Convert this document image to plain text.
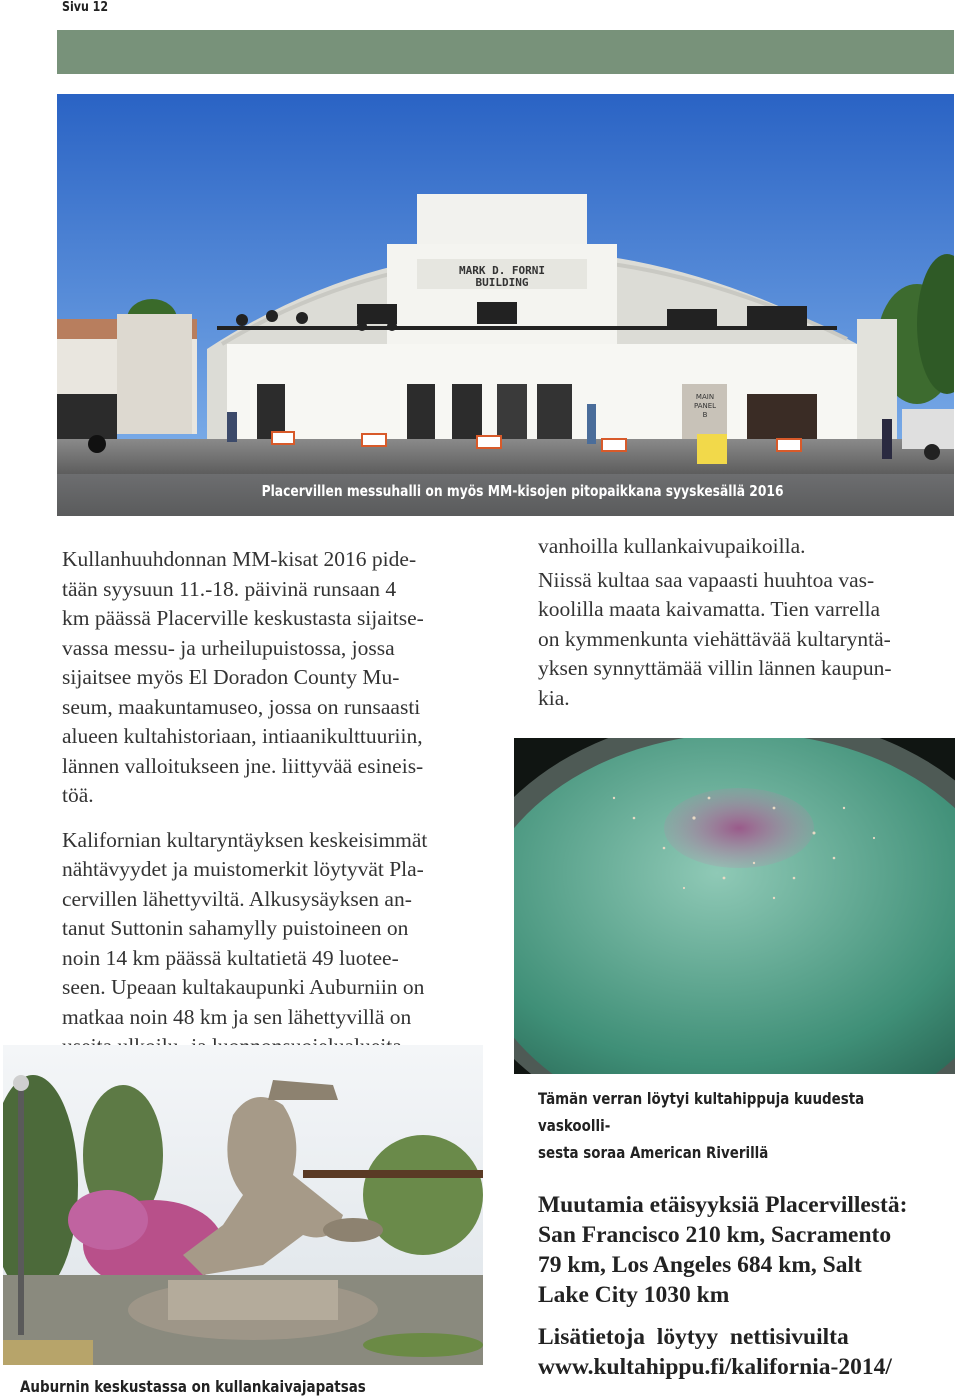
Sivu 12
MARK D. FORNI
BUILDING
MAIN
PANEL
B
Placervillen messuhalli on myös MM-kisojen pitopaikkana syyskesällä 2016

Kullanhuuhdonnan MM-kisat 2016 pide-

tään syysuun 11.-18. päivinä runsaan 4

km päässä Placerville keskustasta sijaitse-

vassa messu- ja urheilupuistossa, jossa

sijaitsee myös El Doradon County Mu-

seum, maakuntamuseo, jossa on runsaasti

alueen kultahistoriaan, intiaanikulttuuriin,

lännen valloitukseen jne. liittyvää esineis-

töä.

Kalifornian kultaryntäyksen keskeisimmät

nähtävyydet ja muistomerkit löytyvät Pla-

cervillen lähettyviltä. Alkusysäyksen an-

tanut Suttonin sahamylly puistoineen on

noin 14 km päässä kultatietä 49 luotee-

seen. Upeaan kultakaupunki Auburniin on

matkaa noin 48 km ja sen lähettyvillä on

vanhoilla kullankaivupaikoilla.

Niissä kultaa saa vapaasti huuhtoa vas-

koolilla maata kaivamatta. Tien varrella

on kymmenkunta viehättävää kultaryntä-

yksen synnyttämää villin lännen kaupun-

kia.

Tämän verran löytyi kultahippuja kuudesta vaskoolli-
sesta soraa American Riverillä
Auburnin keskustassa on kullankaivajapatsas

Muutamia etäisyyksiä Placervillestä:

San Francisco 210 km, Sacramento

79 km, Los Angeles 684 km, Salt

Lake City 1030 km

Lisätietoja  löytyy  nettisivuilta

www.kultahippu.fi/kalifornia-2014/
